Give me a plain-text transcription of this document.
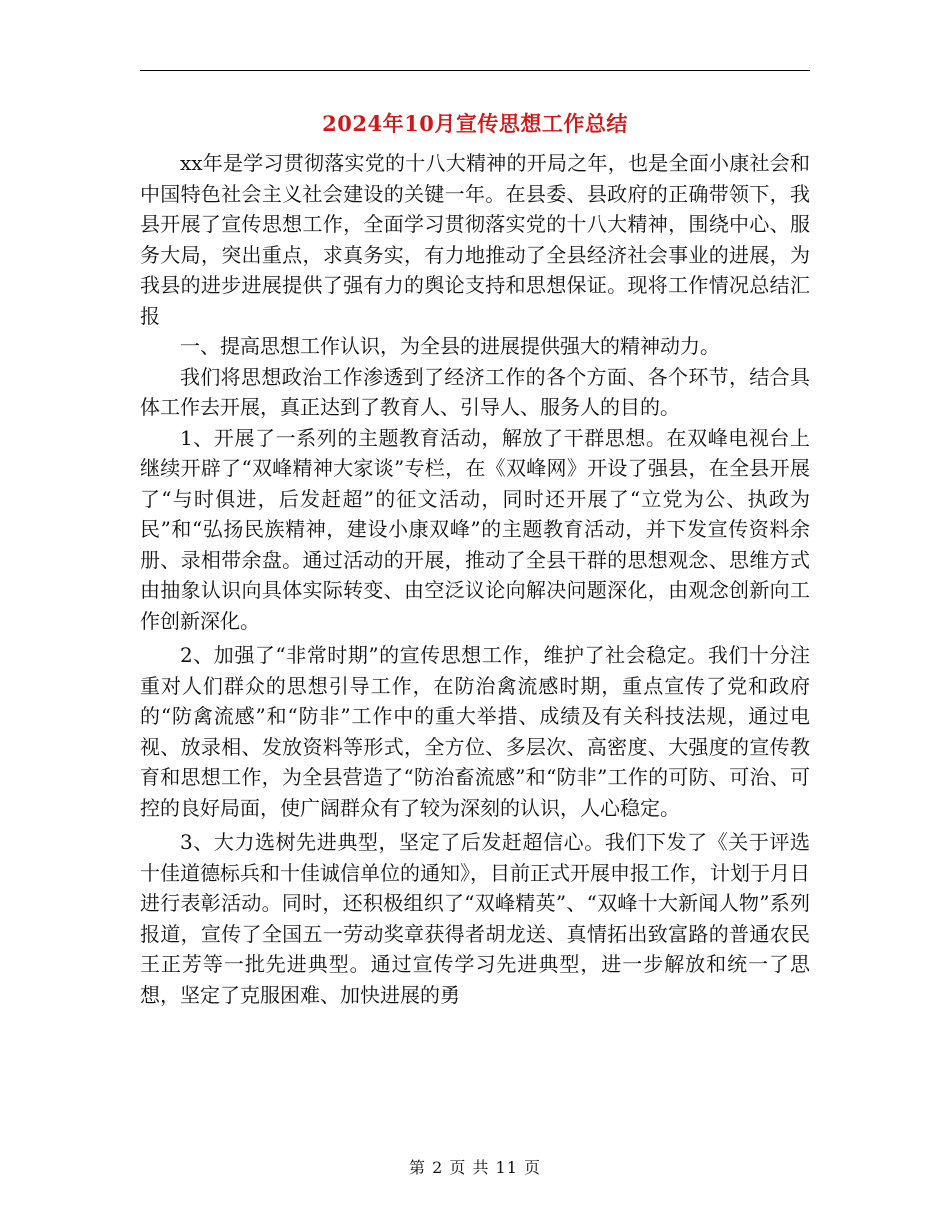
2024年10月宣传思想工作总结

xx年是学习贯彻落实党的十八大精神的开局之年，也是全面小康社会和中国特色社会主义社会建设的关键一年。在县委、县政府的正确带领下，我县开展了宣传思想工作，全面学习贯彻落实党的十八大精神，围绕中心、服务大局，突出重点，求真务实，有力地推动了全县经济社会事业的进展，为我县的进步进展提供了强有力的舆论支持和思想保证。现将工作情况总结汇报

一、提高思想工作认识，为全县的进展提供强大的精神动力。

我们将思想政治工作渗透到了经济工作的各个方面、各个环节，结合具体工作去开展，真正达到了教育人、引导人、服务人的目的。

1、开展了一系列的主题教育活动，解放了干群思想。在双峰电视台上继续开辟了“双峰精神大家谈”专栏，在《双峰网》开设了强县，在全县开展了“与时俱进，后发赶超”的征文活动，同时还开展了“立党为公、执政为民”和“弘扬民族精神，建设小康双峰”的主题教育活动，并下发宣传资料余册、录相带余盘。通过活动的开展，推动了全县干群的思想观念、思维方式由抽象认识向具体实际转变、由空泛议论向解决问题深化，由观念创新向工作创新深化。

2、加强了“非常时期”的宣传思想工作，维护了社会稳定。我们十分注重对人们群众的思想引导工作，在防治禽流感时期，重点宣传了党和政府的“防禽流感”和“防非”工作中的重大举措、成绩及有关科技法规，通过电视、放录相、发放资料等形式，全方位、多层次、高密度、大强度的宣传教育和思想工作，为全县营造了“防治畜流感”和“防非”工作的可防、可治、可控的良好局面，使广阔群众有了较为深刻的认识，人心稳定。

3、大力选树先进典型，坚定了后发赶超信心。我们下发了《关于评选十佳道德标兵和十佳诚信单位的通知》，目前正式开展申报工作，计划于月日进行表彰活动。同时，还积极组织了“双峰精英”、“双峰十大新闻人物”系列报道，宣传了全国五一劳动奖章获得者胡龙送、真情拓出致富路的普通农民王正芳等一批先进典型。通过宣传学习先进典型，进一步解放和统一了思想，坚定了克服困难、加快进展的勇

第 2 页 共 11 页
